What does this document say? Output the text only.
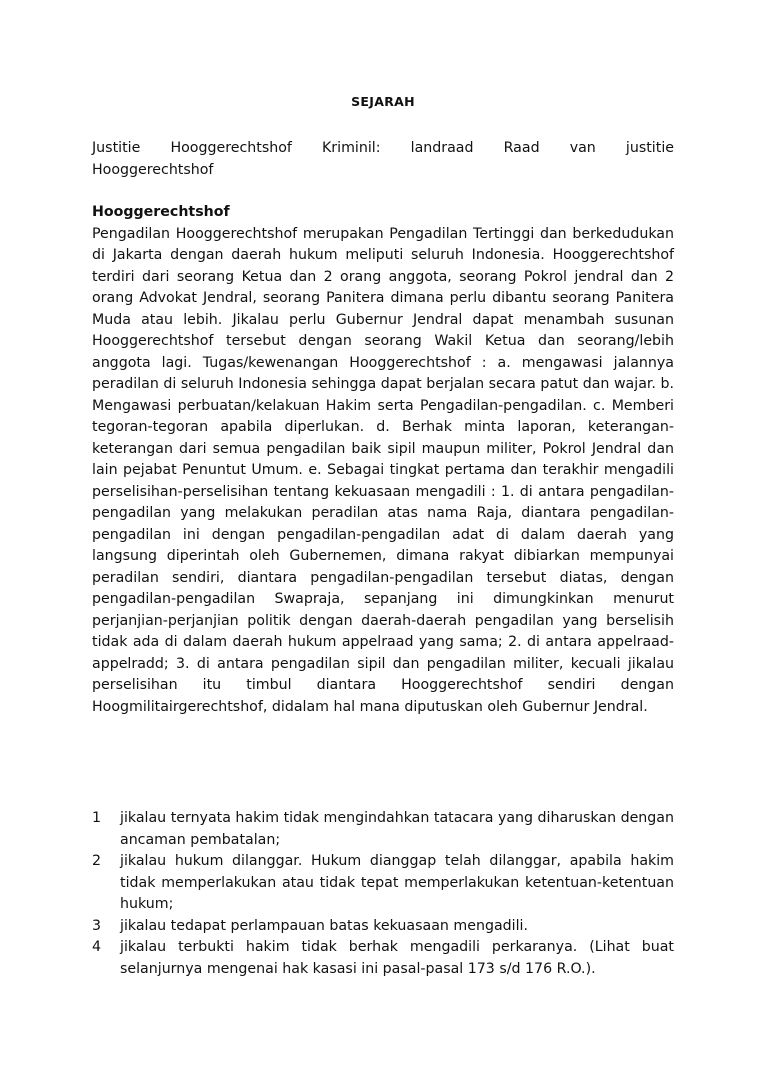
SEJARAH
Justitie Hooggerechtshof Kriminil: landraad Raad van justitie
Hooggerechtshof
Hooggerechtshof
Pengadilan Hooggerechtshof merupakan Pengadilan Tertinggi dan berkedudukan di Jakarta dengan daerah hukum meliputi seluruh Indonesia. Hooggerechtshof terdiri dari seorang Ketua dan 2 orang anggota, seorang Pokrol jendral dan 2 orang Advokat Jendral, seorang Panitera dimana perlu dibantu seorang Panitera Muda atau lebih. Jikalau perlu Gubernur Jendral dapat menambah susunan Hooggerechtshof tersebut dengan seorang Wakil Ketua dan seorang/lebih anggota lagi. Tugas/kewenangan Hooggerechtshof : a. mengawasi jalannya peradilan di seluruh Indonesia sehingga dapat berjalan secara patut dan wajar. b. Mengawasi perbuatan/kelakuan Hakim serta Pengadilan-pengadilan. c. Memberi tegoran-tegoran apabila diperlukan. d. Berhak minta laporan, keterangan-keterangan dari semua pengadilan baik sipil maupun militer, Pokrol Jendral dan lain pejabat Penuntut Umum. e. Sebagai tingkat pertama dan terakhir mengadili perselisihan-perselisihan tentang kekuasaan mengadili : 1. di antara pengadilan-pengadilan yang melakukan peradilan atas nama Raja, diantara pengadilan-pengadilan ini dengan pengadilan-pengadilan adat di dalam daerah yang langsung diperintah oleh Gubernemen, dimana rakyat dibiarkan mempunyai peradilan sendiri, diantara pengadilan-pengadilan tersebut diatas, dengan pengadilan-pengadilan Swapraja, sepanjang ini dimungkinkan menurut perjanjian-perjanjian politik dengan daerah-daerah pengadilan yang berselisih tidak ada di dalam daerah hukum appelraad yang sama; 2. di antara appelraad-appelradd; 3. di antara pengadilan sipil dan pengadilan militer, kecuali jikalau perselisihan itu timbul diantara Hooggerechtshof sendiri dengan Hoogmilitairgerechtshof, didalam hal mana diputuskan oleh Gubernur Jendral.
1 jikalau ternyata hakim tidak mengindahkan tatacara yang diharuskan dengan ancaman pembatalan;
2 jikalau hukum dilanggar. Hukum dianggap telah dilanggar, apabila hakim tidak memperlakukan atau tidak tepat memperlakukan ketentuan-ketentuan hukum;
3 jikalau tedapat perlampauan batas kekuasaan mengadili.
4 jikalau terbukti hakim tidak berhak mengadili perkaranya. (Lihat buat selanjurnya mengenai hak kasasi ini pasal-pasal 173 s/d 176 R.O.).
